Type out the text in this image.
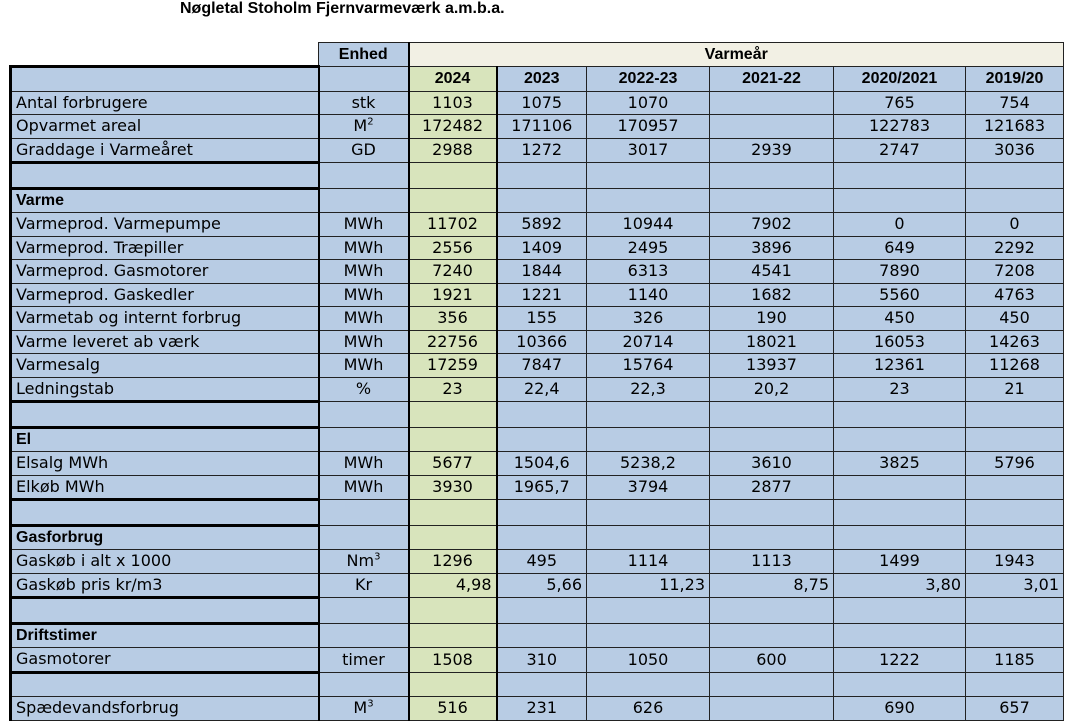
Nøgletal Stoholm Fjernvarmeværk a.m.b.a.
	Enhed	Varmeår					
		2024	2023	2022-23	2021-22	2020/2021	2019/20
Antal forbrugere	stk	1103	1075	1070		765	754
Opvarmet areal	$M^2$	172482	171106	170957		122783	121683
Graddage i Varmeåret	GD	2988	1272	3017	2939	2747	3036

Varme							
Varmeprod. Varmepumpe	MWh	11702	5892	10944	7902	0	0
Varmeprod. Træpiller	MWh	2556	1409	2495	3896	649	2292
Varmeprod. Gasmotorer	MWh	7240	1844	6313	4541	7890	7208
Varmeprod. Gaskedler	MWh	1921	1221	1140	1682	5560	4763
Varmetab og internt forbrug	MWh	356	155	326	190	450	450
Varme leveret ab værk	MWh	22756	10366	20714	18021	16053	14263
Varmesalg	MWh	17259	7847	15764	13937	12361	11268
Ledningstab	%	23	22,4	22,3	20,2	23	21

El							
Elsalg MWh	MWh	5677	1504,6	5238,2	3610	3825	5796
Elkøb MWh	MWh	3930	1965,7	3794	2877		

Gasforbrug							
Gaskøb i alt x 1000	Nm$^3$	1296	495	1114	1113	1499	1943
Gaskøb pris kr/m3	Kr	4,98	5,66	11,23	8,75	3,80	3,01

Driftstimer							
Gasmotorer	timer	1508	310	1050	600	1222	1185

Spædevandsforbrug	$M^3$	516	231	626		690	657
